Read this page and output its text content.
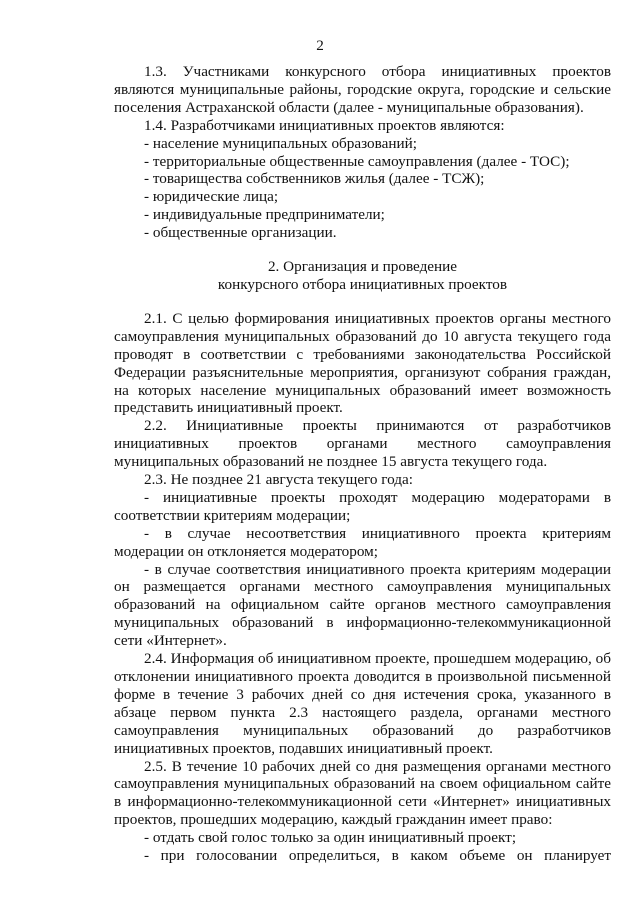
2

1.3. Участниками конкурсного отбора инициативных проектов являются муниципальные районы, городские округа, городские и сельские поселения Астраханской области (далее - муниципальные образования).

1.4. Разработчиками инициативных проектов являются:

- население муниципальных образований;

- территориальные общественные самоуправления (далее - ТОС);

- товарищества собственников жилья (далее - ТСЖ);

- юридические лица;

- индивидуальные предприниматели;

- общественные организации.

2. Организация и проведение

конкурсного отбора инициативных проектов

2.1. С целью формирования инициативных проектов органы местного самоуправления муниципальных образований до 10 августа текущего года проводят в соответствии с требованиями законодательства Российской Федерации разъяснительные мероприятия, организуют собрания граждан, на которых население муниципальных образований имеет возможность представить инициативный проект.

2.2. Инициативные проекты принимаются от разработчиков инициативных проектов органами местного самоуправления муниципальных образований не позднее 15 августа текущего года.

2.3. Не позднее 21 августа текущего года:

- инициативные проекты проходят модерацию модераторами в соответствии критериям модерации;

- в случае несоответствия инициативного проекта критериям модерации он отклоняется модератором;

- в случае соответствия инициативного проекта критериям модерации он размещается органами местного самоуправления муниципальных образований на официальном сайте органов местного самоуправления муниципальных образований в информационно-телекоммуникационной сети «Интернет».

2.4. Информация об инициативном проекте, прошедшем модерацию, об отклонении инициативного проекта доводится в произвольной письменной форме в течение 3 рабочих дней со дня истечения срока, указанного в абзаце первом пункта 2.3 настоящего раздела, органами местного самоуправления муниципальных образований до разработчиков инициативных проектов, подавших инициативный проект.

2.5. В течение 10 рабочих дней со дня размещения органами местного самоуправления муниципальных образований на своем официальном сайте в информационно-телекоммуникационной сети «Интернет» инициативных проектов, прошедших модерацию, каждый гражданин имеет право:

- отдать свой голос только за один инициативный проект;

- при голосовании определиться, в каком объеме он планирует
